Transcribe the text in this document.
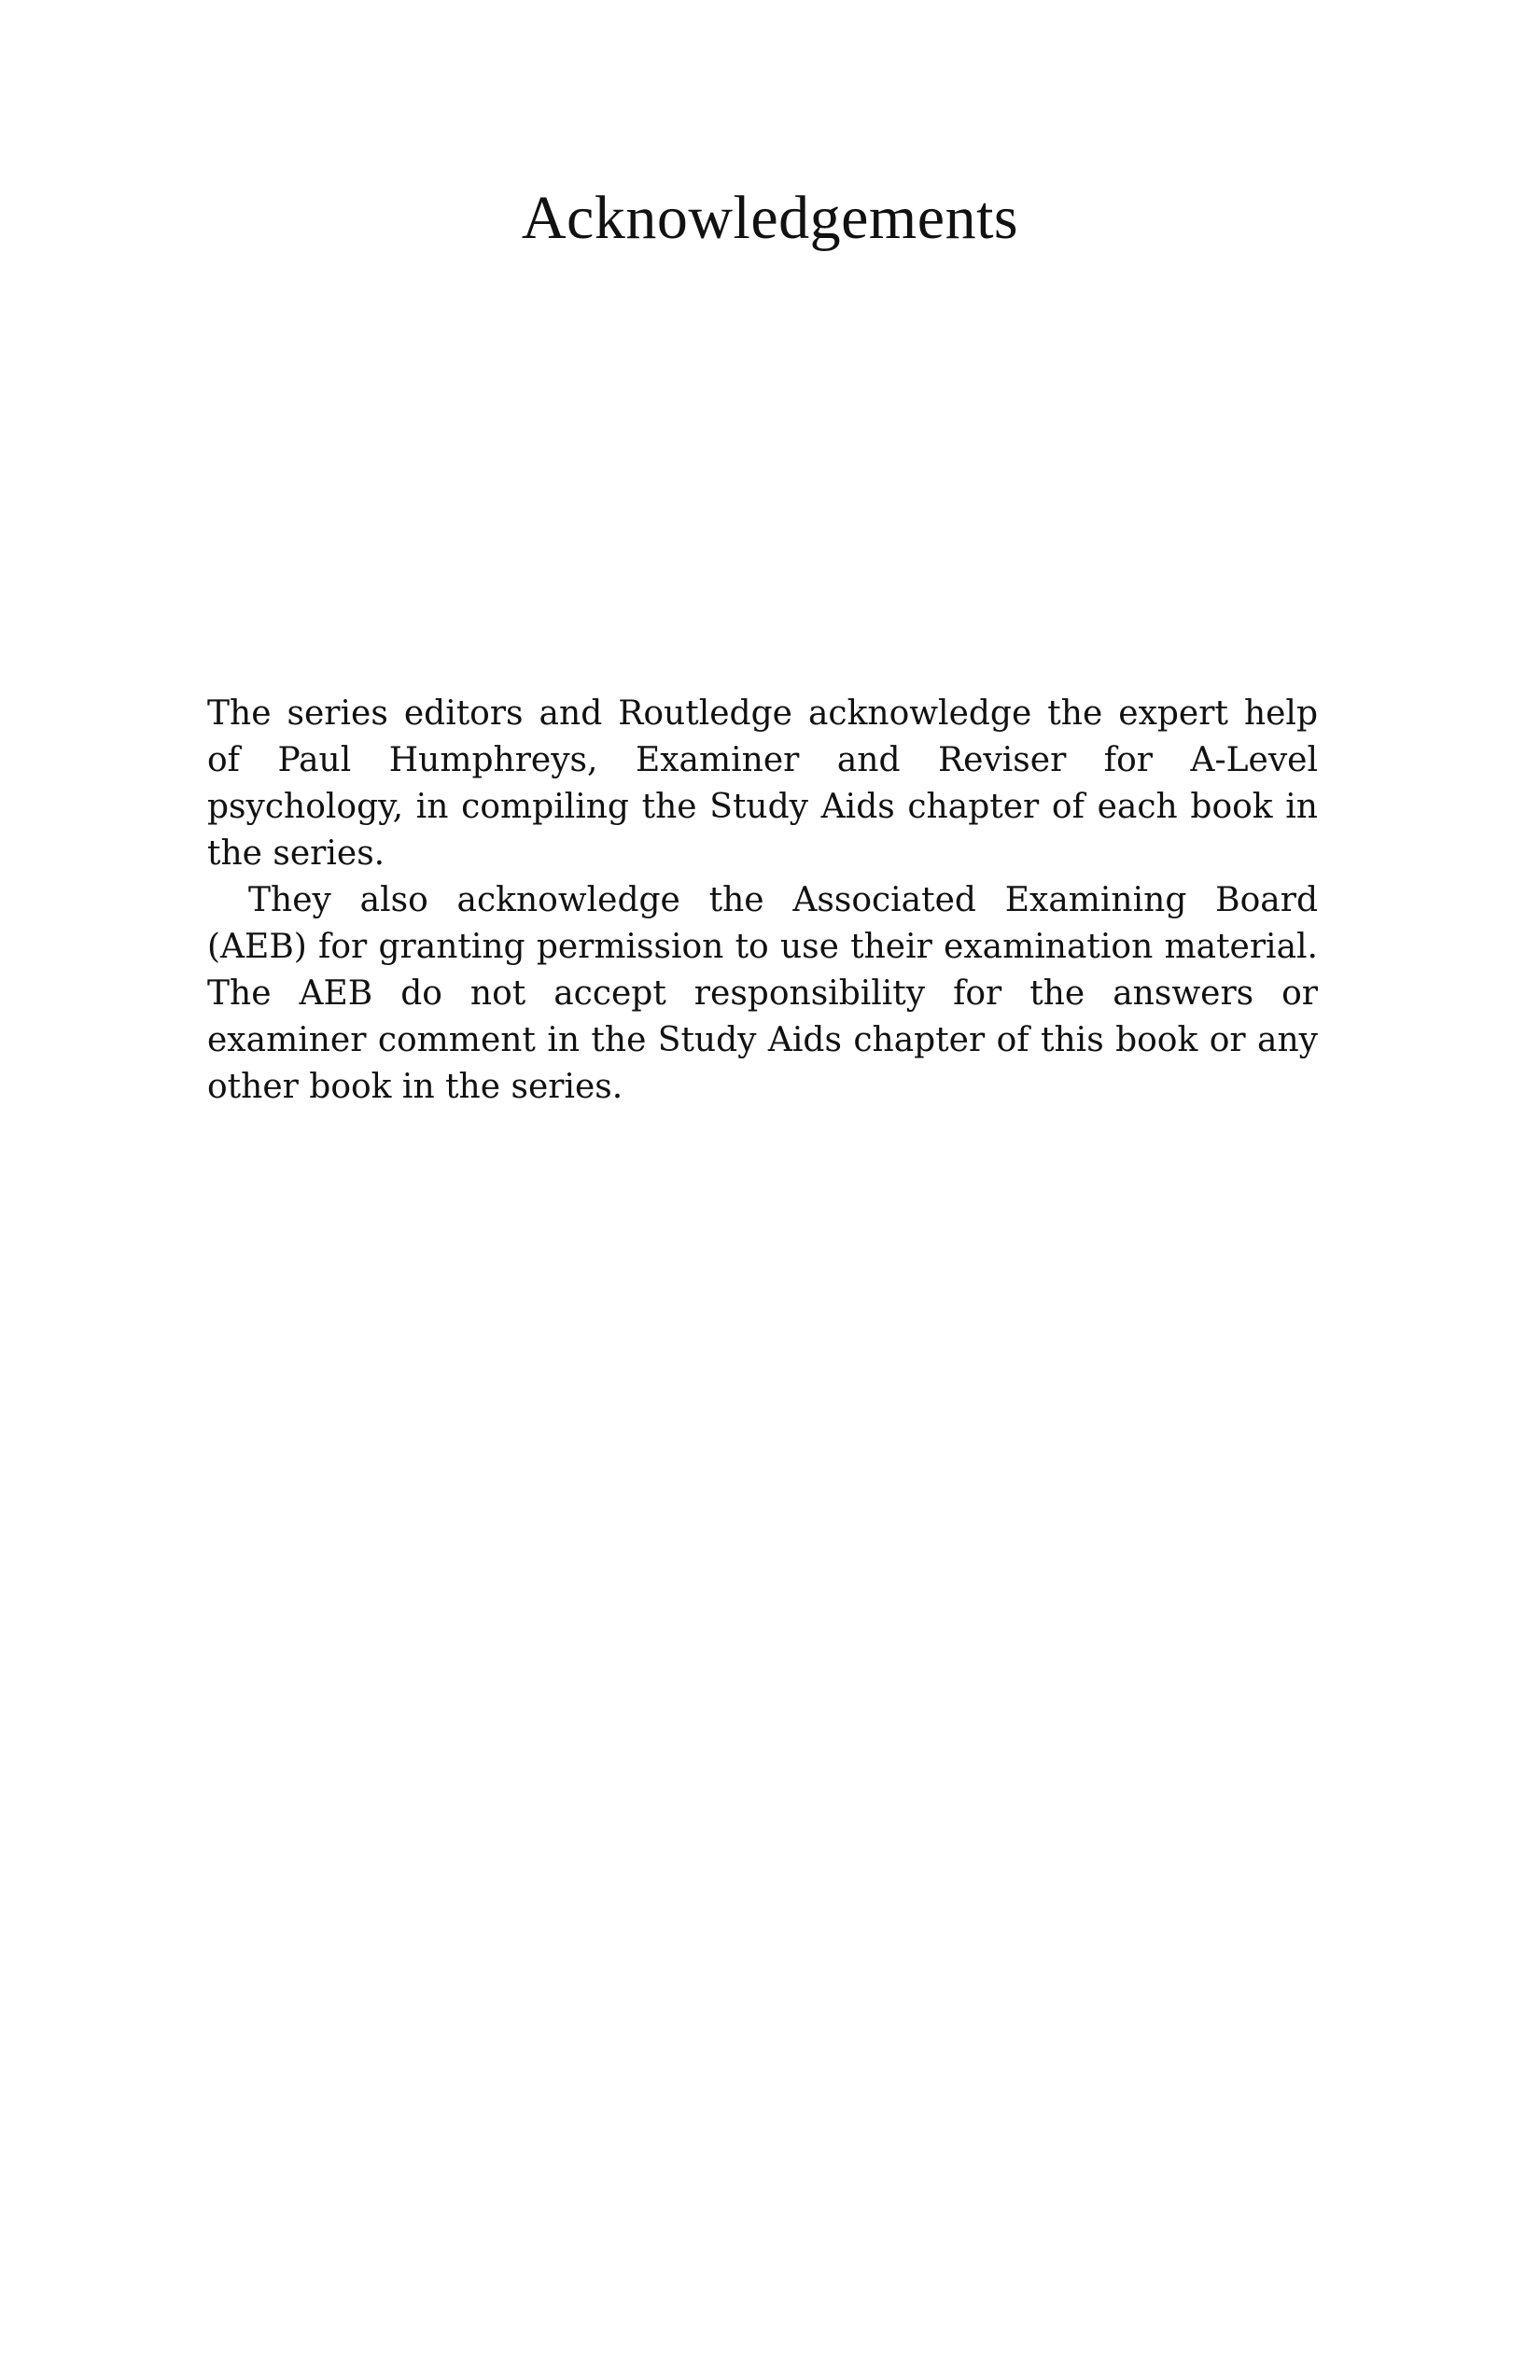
Acknowledgements

The series editors and Routledge acknowledge the expert help of Paul Humphreys, Examiner and Reviser for A-Level psychology, in compiling the Study Aids chapter of each book in the series.

They also acknowledge the Associated Examining Board (AEB) for granting permission to use their examination material. The AEB do not accept responsibility for the answers or examiner comment in the Study Aids chapter of this book or any other book in the series.
